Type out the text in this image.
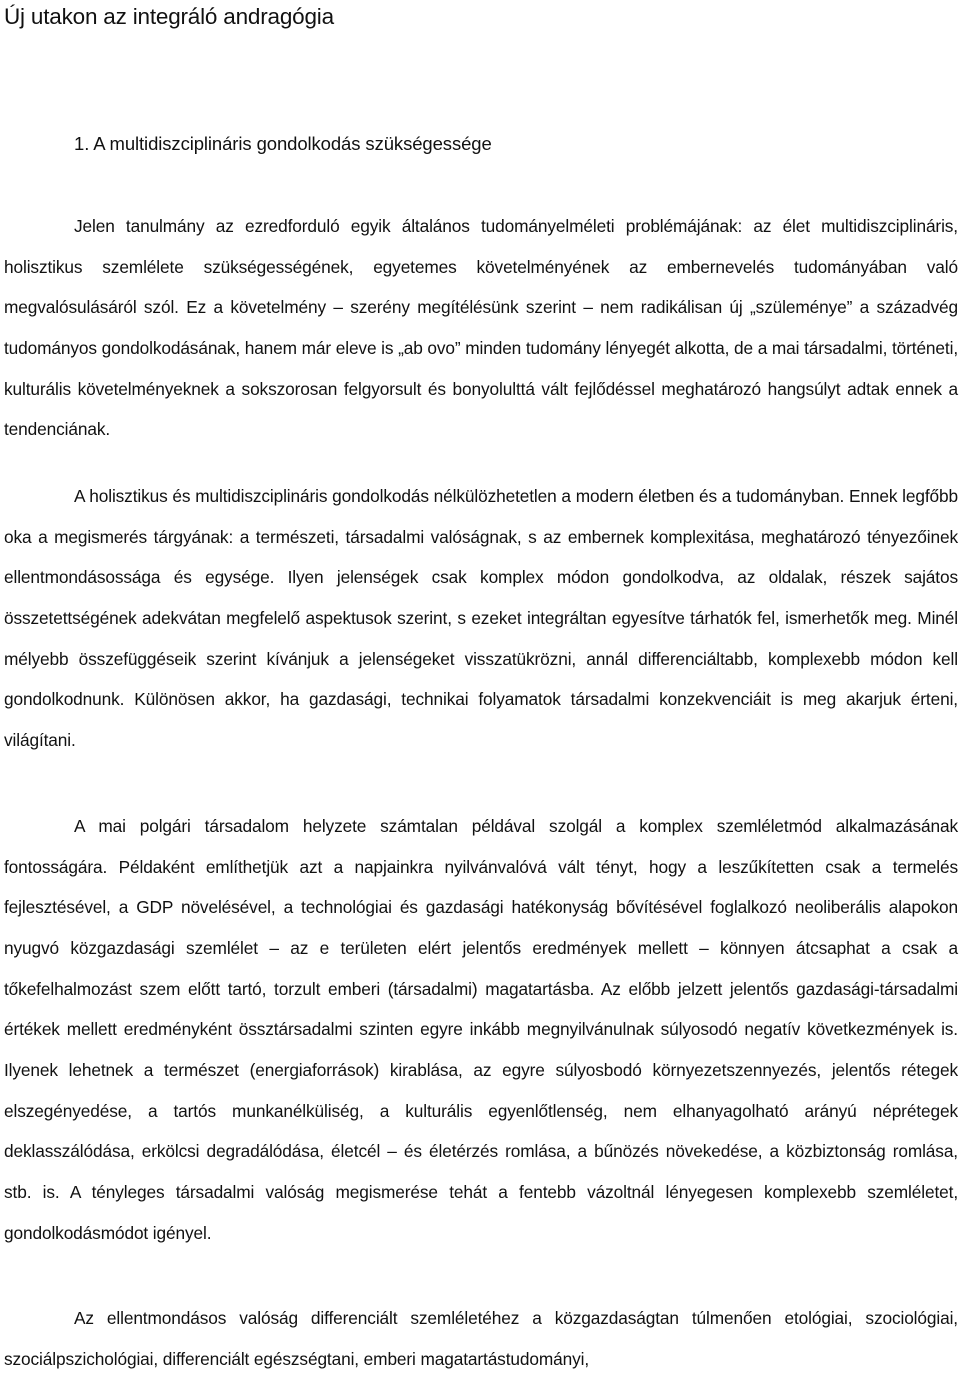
Új utakon az integráló andragógia
1. A multidiszciplináris gondolkodás szükségessége

Jelen tanulmány az ezredforduló egyik általános tudományelméleti problémájának: az élet multidiszciplináris, holisztikus szemlélete szükségességének, egyetemes követelményének az embernevelés tudományában való megvalósulásáról szól. Ez a követelmény – szerény megítélésünk szerint – nem radikálisan új „szüleménye” a századvég tudományos gondolkodásának, hanem már eleve is „ab ovo” minden tudomány lényegét alkotta, de a mai társadalmi, történeti, kulturális követelményeknek a sokszorosan felgyorsult és bonyolulttá vált fejlődéssel meghatározó hangsúlyt adtak ennek a tendenciának.

A holisztikus és multidiszciplináris gondolkodás nélkülözhetetlen a modern életben és a tudományban. Ennek legfőbb oka a megismerés tárgyának: a természeti, társadalmi valóságnak, s az embernek komplexitása, meghatározó tényezőinek ellentmondásossága és egysége. Ilyen jelenségek csak komplex módon gondolkodva, az oldalak, részek sajátos összetettségének adekvátan megfelelő aspektusok szerint, s ezeket integráltan egyesítve tárhatók fel, ismerhetők meg. Minél mélyebb összefüggéseik szerint kívánjuk a jelenségeket visszatükrözni, annál differenciáltabb, komplexebb módon kell gondolkodnunk. Különösen akkor, ha gazdasági, technikai folyamatok társadalmi konzekvenciáit is meg akarjuk érteni, világítani.

A mai polgári társadalom helyzete számtalan példával szolgál a komplex szemléletmód alkalmazásának fontosságára. Példaként említhetjük azt a napjainkra nyilvánvalóvá vált tényt, hogy a leszűkítetten csak a termelés fejlesztésével, a GDP növelésével, a technológiai és gazdasági hatékonyság bővítésével foglalkozó neoliberális alapokon nyugvó közgazdasági szemlélet – az e területen elért jelentős eredmények mellett – könnyen átcsaphat a csak a tőkefelhalmozást szem előtt tartó, torzult emberi (társadalmi) magatartásba. Az előbb jelzett jelentős gazdasági-társadalmi értékek mellett eredményként össztársadalmi szinten egyre inkább megnyilvánulnak súlyosodó negatív következmények is. Ilyenek lehetnek a természet (energiaforrások) kirablása, az egyre súlyosbodó környezetszennyezés, jelentős rétegek elszegényedése, a tartós munkanélküliség, a kulturális egyenlőtlenség, nem elhanyagolható arányú néprétegek deklasszálódása, erkölcsi degradálódása, életcél – és életérzés romlása, a bűnözés növekedése, a közbiztonság romlása, stb. is. A tényleges társadalmi valóság megismerése tehát a fentebb vázoltnál lényegesen komplexebb szemléletet, gondolkodásmódot igényel.

Az ellentmondásos valóság differenciált szemléletéhez a közgazdaságtan túlmenően etológiai, szociológiai, szociálpszichológiai, differenciált egészségtani, emberi magatartástudományi,
